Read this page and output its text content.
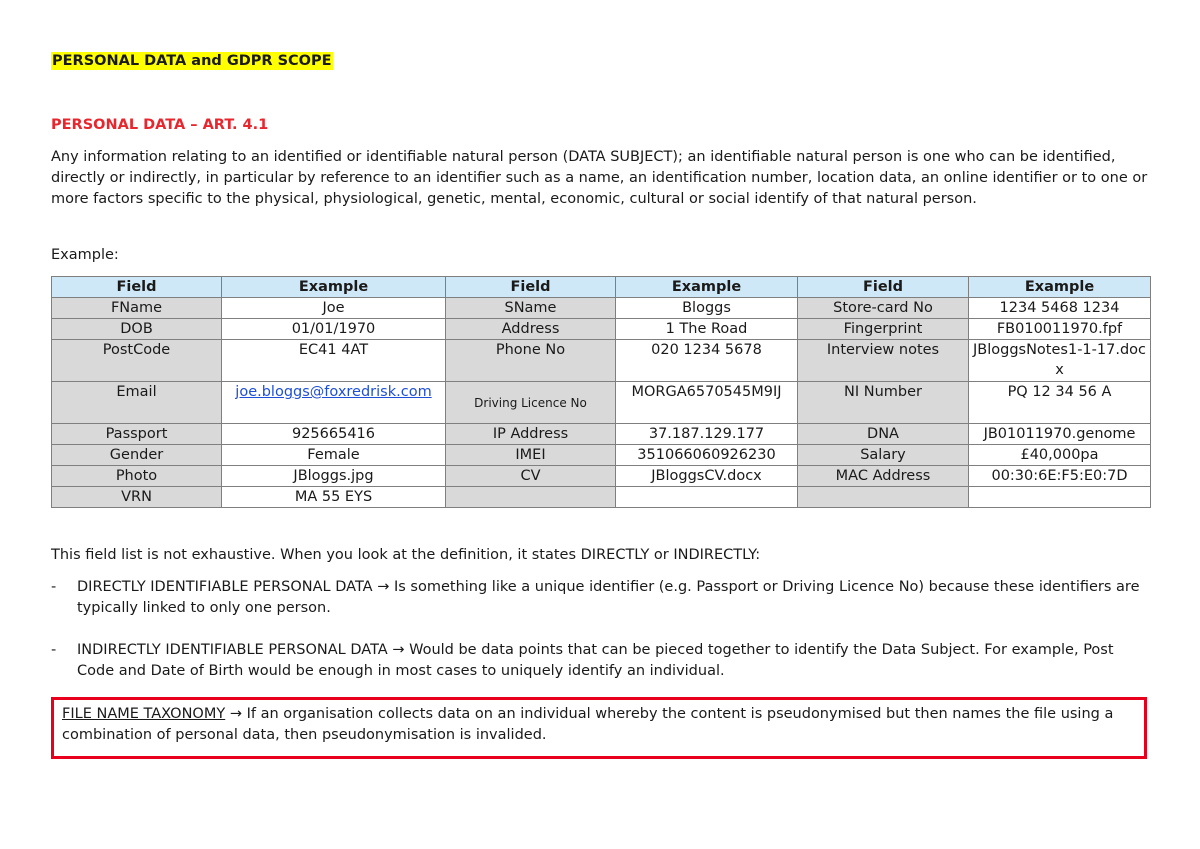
PERSONAL DATA and GDPR SCOPE
PERSONAL DATA – ART. 4.1

Any information relating to an identified or identifiable natural person (DATA SUBJECT); an identifiable natural person is one who can be identified, directly or indirectly, in particular by reference to an identifier such as a name, an identification number, location data, an online identifier or to one or more factors specific to the physical, physiological, genetic, mental, economic, cultural or social identify of that natural person.

Example:
Field	Example	Field	Example	Field	Example
FName	Joe	SName	Bloggs	Store-card No	1234 5468 1234
DOB	01/01/1970	Address	1 The Road	Fingerprint	FB010011970.fpf
PostCode	EC41 4AT	Phone No	020 1234 5678	Interview notes	JBloggsNotes1-1-17.docx
Email	joe.bloggs@foxredrisk.com	Driving Licence No	MORGA6570545M9IJ	NI Number	PQ 12 34 56 A
Passport	925665416	IP Address	37.187.129.177	DNA	JB01011970.genome
Gender	Female	IMEI	351066060926230	Salary	£40,000pa
Photo	JBloggs.jpg	CV	JBloggsCV.docx	MAC Address	00:30:6E:F5:E0:7D
VRN	MA 55 EYS				
This field list is not exhaustive. When you look at the definition, it states DIRECTLY or INDIRECTLY:
- DIRECTLY IDENTIFIABLE PERSONAL DATA → Is something like a unique identifier (e.g. Passport or Driving Licence No) because these identifiers are typically linked to only one person.
- INDIRECTLY IDENTIFIABLE PERSONAL DATA → Would be data points that can be pieced together to identify the Data Subject. For example, Post Code and Date of Birth would be enough in most cases to uniquely identify an individual.
FILE NAME TAXONOMY → If an organisation collects data on an individual whereby the content is pseudonymised but then names the file using a combination of personal data, then pseudonymisation is invalided.
